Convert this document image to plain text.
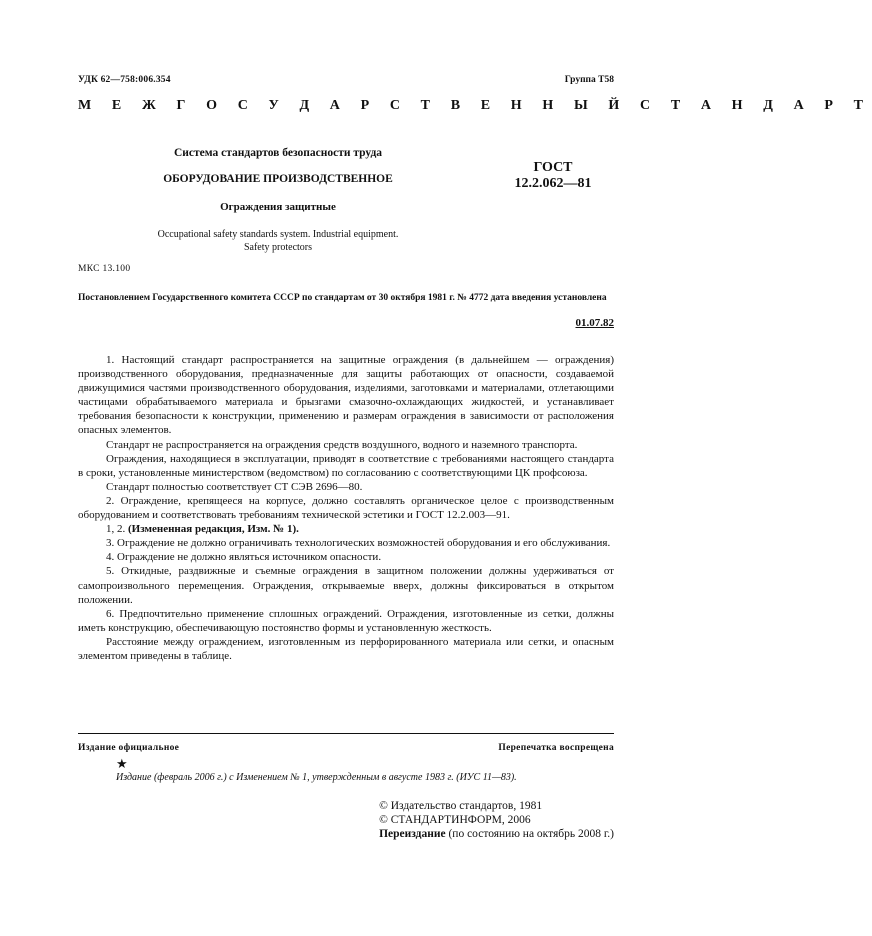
УДК 62—758:006.354	Группа Т58
М Е Ж Г О С У Д А Р С Т В Е Н Н Ы Й С Т А Н Д А Р Т
Система стандартов безопасности труда
ОБОРУДОВАНИЕ ПРОИЗВОДСТВЕННОЕ
Ограждения защитные
Occupational safety standards system. Industrial equipment.
Safety protectors
ГОСТ
12.2.062—81
МКС 13.100
Постановлением Государственного комитета СССР по стандартам от 30 октября 1981 г. № 4772 дата введения установлена
01.07.82

1. Настоящий стандарт распространяется на защитные ограждения (в дальнейшем — ограждения) производственного оборудования, предназначенные для защиты работающих от опасности, создаваемой движущимися частями производственного оборудования, изделиями, заготовками и материалами, отлетающими частицами обрабатываемого материала и брызгами смазочно-охлаждающих жидкостей, и устанавливает требования безопасности к конструкции, применению и размерам ограждения в зависимости от расположения опасных элементов.

Стандарт не распространяется на ограждения средств воздушного, водного и наземного транспорта.

Ограждения, находящиеся в эксплуатации, приводят в соответствие с требованиями настоящего стандарта в сроки, установленные министерством (ведомством) по согласованию с соответствующими ЦК профсоюза.

Стандарт полностью соответствует СТ СЭВ 2696—80.

2. Ограждение, крепящееся на корпусе, должно составлять органическое целое с производственным оборудованием и соответствовать требованиям технической эстетики и ГОСТ 12.2.003—91.

1, 2. (Измененная редакция, Изм. № 1).

3. Ограждение не должно ограничивать технологических возможностей оборудования и его обслуживания.

4. Ограждение не должно являться источником опасности.

5. Откидные, раздвижные и съемные ограждения в защитном положении должны удерживаться от самопроизвольного перемещения. Ограждения, открываемые вверх, должны фиксироваться в открытом положении.

6. Предпочтительно применение сплошных ограждений. Ограждения, изготовленные из сетки, должны иметь конструкцию, обеспечивающую постоянство формы и установленную жесткость.

Расстояние между ограждением, изготовленным из перфорированного материала или сетки, и опасным элементом приведены в таблице.

Издание официальное	Перепечатка воспрещена
★
Издание (февраль 2006 г.) с Изменением № 1, утвержденным в августе 1983 г. (ИУС 11—83).
© Издательство стандартов, 1981
© СТАНДАРТИНФОРМ, 2006
Переиздание (по состоянию на октябрь 2008 г.)
